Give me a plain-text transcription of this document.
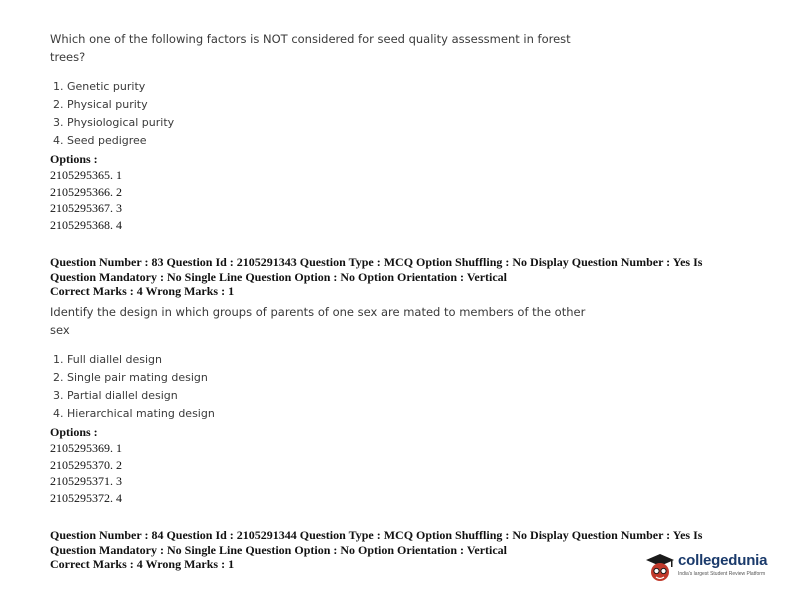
Which one of the following factors is NOT considered for seed quality assessment in forest
trees?
1. Genetic purity
2. Physical purity
3. Physiological purity
4. Seed pedigree
Options :
2105295365. 1
2105295366. 2
2105295367. 3
2105295368. 4
Question Number : 83 Question Id : 2105291343 Question Type : MCQ Option Shuffling : No Display Question Number : Yes Is
Question Mandatory : No Single Line Question Option : No Option Orientation : Vertical
Correct Marks : 4 Wrong Marks : 1
Identify the design in which groups of parents of one sex are mated to members of the other
sex
1. Full diallel design
2. Single pair mating design
3. Partial diallel design
4. Hierarchical mating design
Options :
2105295369. 1
2105295370. 2
2105295371. 3
2105295372. 4
Question Number : 84 Question Id : 2105291344 Question Type : MCQ Option Shuffling : No Display Question Number : Yes Is
Question Mandatory : No Single Line Question Option : No Option Orientation : Vertical
Correct Marks : 4 Wrong Marks : 1	collegedunia
India's largest Student Review Platform
